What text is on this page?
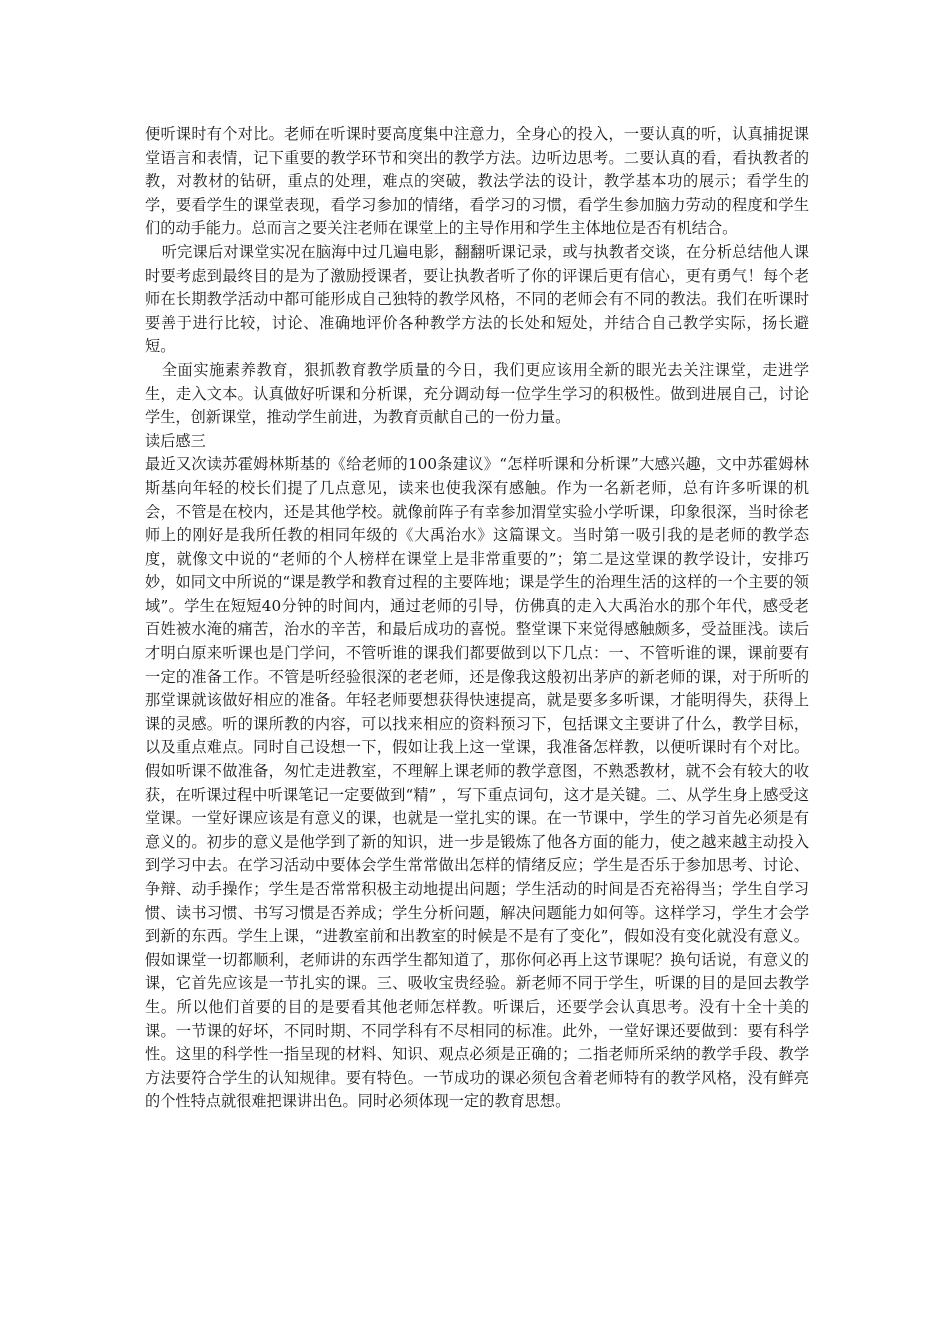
便听课时有个对比。老师在听课时要高度集中注意力，全身心的投入，一要认真的听，认真捕捉课堂语言和表情，记下重要的教学环节和突出的教学方法。边听边思考。二要认真的看，看执教者的教，对教材的钻研，重点的处理，难点的突破，教法学法的设计，教学基本功的展示；看学生的学，要看学生的课堂表现，看学习参加的情绪，看学习的习惯，看学生参加脑力劳动的程度和学生们的动手能力。总而言之要关注老师在课堂上的主导作用和学生主体地位是否有机结合。

听完课后对课堂实况在脑海中过几遍电影，翻翻听课记录，或与执教者交谈，在分析总结他人课时要考虑到最终目的是为了激励授课者，要让执教者听了你的评课后更有信心，更有勇气！每个老师在长期教学活动中都可能形成自己独特的教学风格，不同的老师会有不同的教法。我们在听课时要善于进行比较，讨论、准确地评价各种教学方法的长处和短处，并结合自己教学实际，扬长避短。

全面实施素养教育，狠抓教育教学质量的今日，我们更应该用全新的眼光去关注课堂，走进学生，走入文本。认真做好听课和分析课，充分调动每一位学生学习的积极性。做到进展自己，讨论学生，创新课堂，推动学生前进，为教育贡献自己的一份力量。

读后感三

最近又次读苏霍姆林斯基的《给老师的100条建议》“怎样听课和分析课”大感兴趣，文中苏霍姆林斯基向年轻的校长们提了几点意见，读来也使我深有感触。作为一名新老师，总有许多听课的机会，不管是在校内，还是其他学校。就像前阵子有幸参加渭堂实验小学听课，印象很深，当时徐老师上的刚好是我所任教的相同年级的《大禹治水》这篇课文。当时第一吸引我的是老师的教学态度，就像文中说的“老师的个人榜样在课堂上是非常重要的”；第二是这堂课的教学设计，安排巧妙，如同文中所说的“课是教学和教育过程的主要阵地；课是学生的治理生活的这样的一个主要的领域”。学生在短短40分钟的时间内，通过老师的引导，仿佛真的走入大禹治水的那个年代，感受老百姓被水淹的痛苦，治水的辛苦，和最后成功的喜悦。整堂课下来觉得感触颇多，受益匪浅。读后才明白原来听课也是门学问，不管听谁的课我们都要做到以下几点：一、不管听谁的课，课前要有一定的准备工作。不管是听经验很深的老老师，还是像我这般初出茅庐的新老师的课，对于所听的那堂课就该做好相应的准备。年轻老师要想获得快速提高，就是要多多听课，才能明得失，获得上课的灵感。听的课所教的内容，可以找来相应的资料预习下，包括课文主要讲了什么，教学目标，以及重点难点。同时自己设想一下，假如让我上这一堂课，我准备怎样教，以便听课时有个对比。假如听课不做准备，匆忙走进教室，不理解上课老师的教学意图，不熟悉教材，就不会有较大的收获，在听课过程中听课笔记一定要做到“精” ，写下重点词句，这才是关键。二、从学生身上感受这堂课。一堂好课应该是有意义的课，也就是一堂扎实的课。在一节课中，学生的学习首先必须是有意义的。初步的意义是他学到了新的知识，进一步是锻炼了他各方面的能力，使之越来越主动投入到学习中去。在学习活动中要体会学生常常做出怎样的情绪反应；学生是否乐于参加思考、讨论、争辩、动手操作；学生是否常常积极主动地提出问题；学生活动的时间是否充裕得当；学生自学习惯、读书习惯、书写习惯是否养成；学生分析问题，解决问题能力如何等。这样学习，学生才会学到新的东西。学生上课，“进教室前和出教室的时候是不是有了变化”，假如没有变化就没有意义。假如课堂一切都顺利，老师讲的东西学生都知道了，那你何必再上这节课呢？换句话说，有意义的课，它首先应该是一节扎实的课。三、吸收宝贵经验。新老师不同于学生，听课的目的是回去教学生。所以他们首要的目的是要看其他老师怎样教。听课后，还要学会认真思考。没有十全十美的课。一节课的好坏，不同时期、不同学科有不尽相同的标准。此外，一堂好课还要做到：要有科学性。这里的科学性一指呈现的材料、知识、观点必须是正确的；二指老师所采纳的教学手段、教学方法要符合学生的认知规律。要有特色。一节成功的课必须包含着老师特有的教学风格，没有鲜亮的个性特点就很难把课讲出色。同时必须体现一定的教育思想。
